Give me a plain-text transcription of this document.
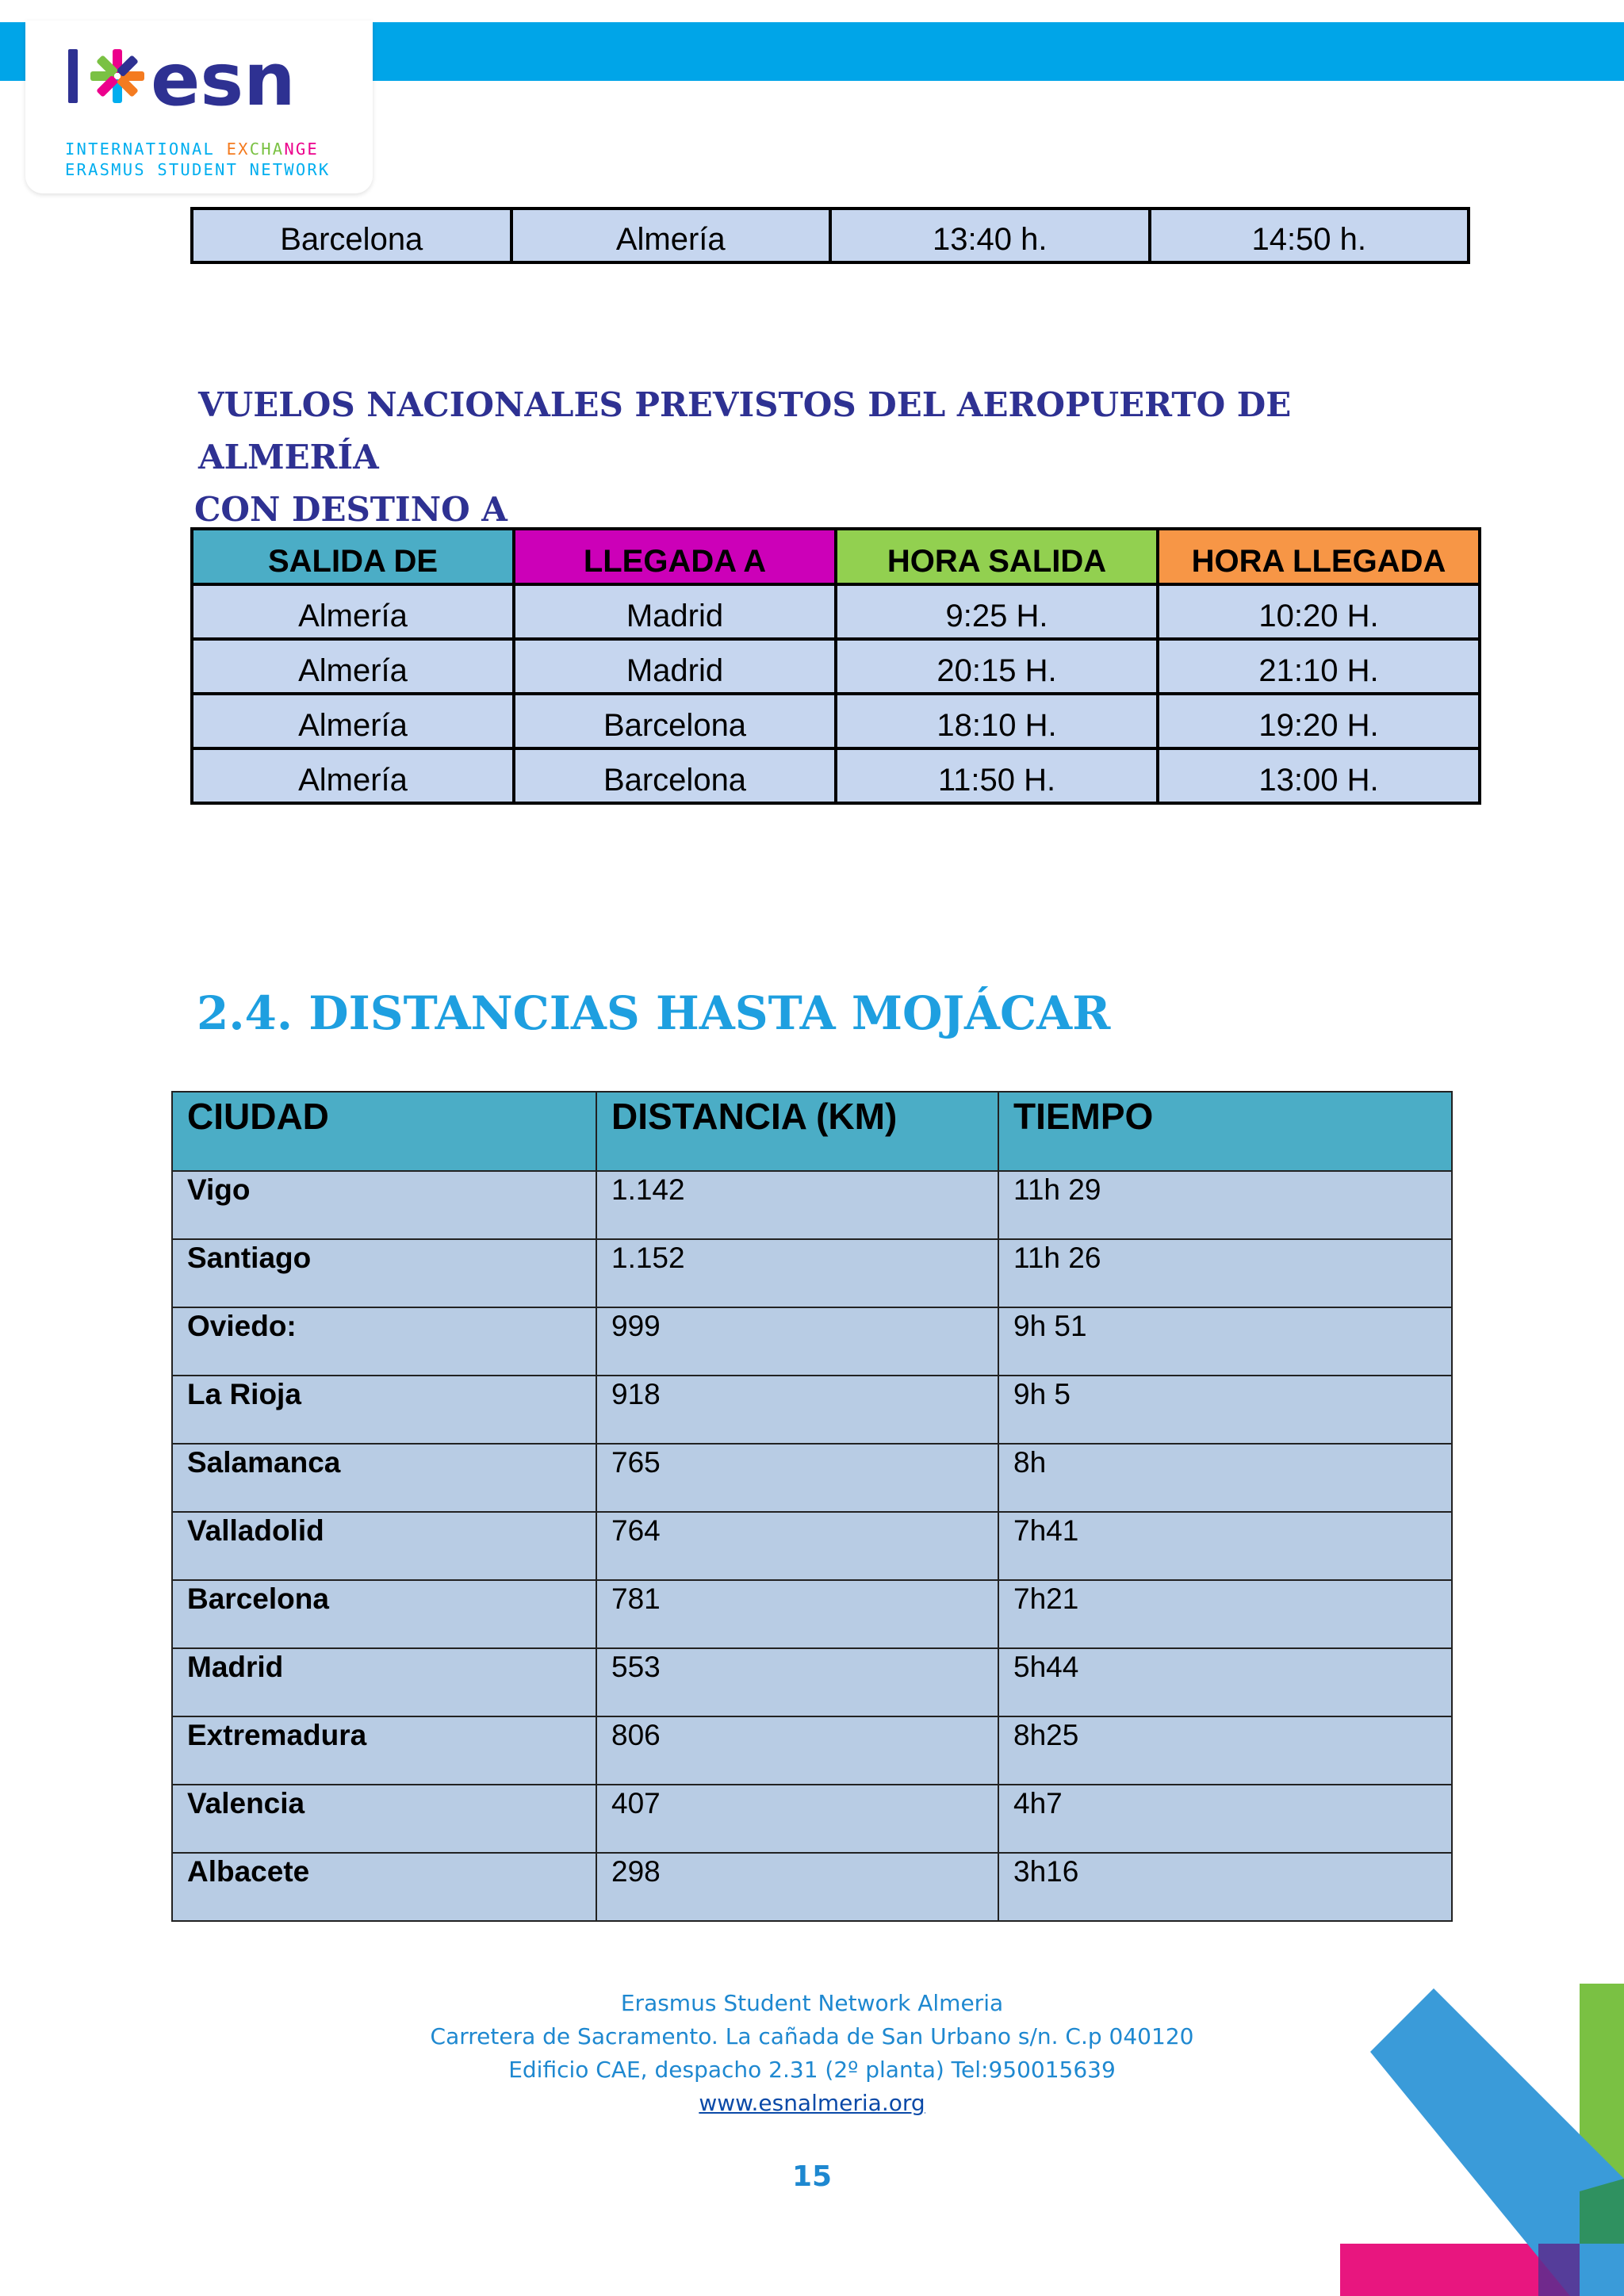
esn
INTERNATIONAL EXCHANGE
ERASMUS STUDENT NETWORK
Barcelona	Almería	13:40 h.	14:50 h.
VUELOS NACIONALES PREVISTOS DEL AEROPUERTO DE ALMERÍA
CON DESTINO A
SALIDA DE	LLEGADA A	HORA SALIDA	HORA LLEGADA

Almería	Madrid	9:25 H.	10:20 H.

Almería	Madrid	20:15 H.	21:10 H.

Almería	Barcelona	18:10 H.	19:20 H.

Almería	Barcelona	11:50 H.	13:00 H.
2.4. DISTANCIAS HASTA MOJÁCAR
CIUDAD	DISTANCIA (KM)	TIEMPO

Vigo	1.142	11h 29

Santiago	1.152	11h 26

Oviedo:	999	9h 51

La Rioja	918	9h 5

Salamanca	765	8h

Valladolid	764	7h41

Barcelona	781	7h21

Madrid	553	5h44

Extremadura	806	8h25

Valencia	407	4h7

Albacete	298	3h16
Erasmus Student Network Almeria
Carretera de Sacramento. La cañada de San Urbano s/n. C.p 040120
Edificio CAE, despacho 2.31 (2º planta) Tel:950015639
www.esnalmeria.org
15
